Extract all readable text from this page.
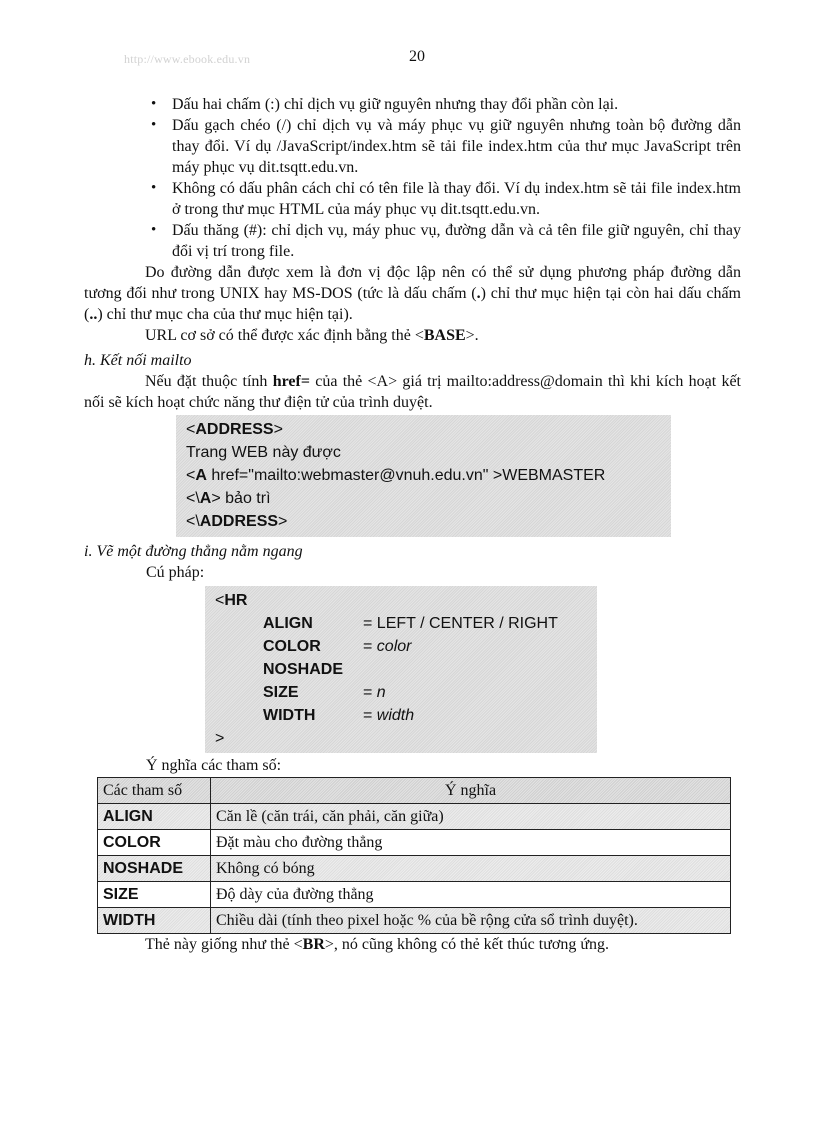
http://www.ebook.edu.vn	20
• Dấu hai chấm (:) chỉ dịch vụ giữ nguyên nhưng thay đổi phần còn lại.
• Dấu gạch chéo (/) chỉ dịch vụ và máy phục vụ giữ nguyên nhưng toàn bộ đường dẫn thay đổi. Ví dụ /JavaScript/index.htm sẽ tải file index.htm của thư mục JavaScript trên máy phục vụ dit.tsqtt.edu.vn.
• Không có dấu phân cách chỉ có tên file là thay đổi. Ví dụ index.htm sẽ tải file index.htm ở trong thư mục HTML của máy phục vụ dit.tsqtt.edu.vn.
• Dấu thăng (#): chỉ dịch vụ, máy phuc vụ, đường dẫn và cả tên file giữ nguyên, chỉ thay đổi vị trí trong file.

Do đường dẫn được xem là đơn vị độc lập nên có thể sử dụng phương pháp đường dẫn tương đối như trong UNIX hay MS-DOS (tức là dấu chấm (.) chỉ thư mục hiện tại còn hai dấu chấm (..) chỉ thư mục cha của thư mục hiện tại).

URL cơ sở có thể được xác định bằng thẻ <BASE>.

h. Kết nối mailto

Nếu đặt thuộc tính href= của thẻ <A> giá trị mailto:address@domain thì khi kích hoạt kết nối sẽ kích hoạt chức năng thư điện tử của trình duyệt.

<ADDRESS>
Trang WEB này được
<A href="mailto:webmaster@vnuh.edu.vn" >WEBMASTER
<\A> bảo trì
<\ADDRESS>

i. Vẽ một đường thẳng nằm ngang

Cú pháp:

<HR
ALIGN	= LEFT / CENTER / RIGHT
COLOR	= color
NOSHADE
SIZE	= n
WIDTH	= width
>

Ý nghĩa các tham số:

Các tham số	Ý nghĩa
ALIGN	Căn lề (căn trái, căn phải, căn giữa)
COLOR	Đặt màu cho đường thẳng
NOSHADE	Không có bóng
SIZE	Độ dày của đường thẳng
WIDTH	Chiều dài (tính theo pixel hoặc % của bề rộng cửa sổ trình duyệt).

Thẻ này giống như thẻ <BR>, nó cũng không có thẻ kết thúc tương ứng.
